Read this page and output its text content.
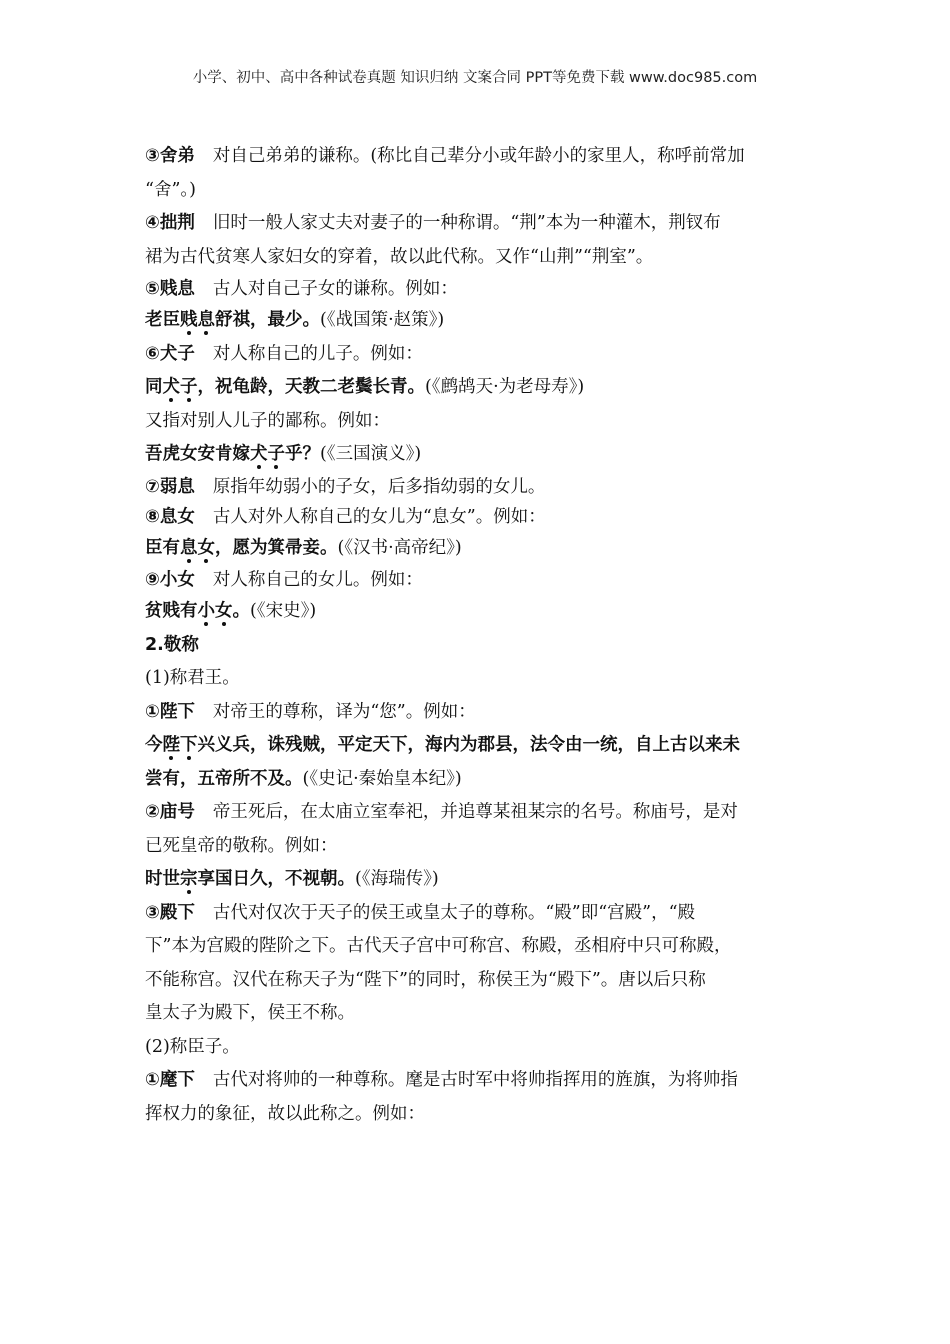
小学、初中、高中各种试卷真题 知识归纳 文案合同 PPT等免费下载 www.doc985.com
③舍弟 对自己弟弟的谦称。(称比自己辈分小或年龄小的家里人，称呼前常加
“舍”。)
④拙荆 旧时一般人家丈夫对妻子的一种称谓。“荆”本为一种灌木，荆钗布
裙为古代贫寒人家妇女的穿着，故以此代称。又作“山荆”“荆室”。
⑤贱息 古人对自己子女的谦称。例如：
老臣贱息舒祺，最少。(《战国策·赵策》)
⑥犬子 对人称自己的儿子。例如：
同犬子，祝龟龄，天教二老鬓长青。(《鹧鸪天·为老母寿》)
又指对别人儿子的鄙称。例如：
吾虎女安肯嫁犬子乎？(《三国演义》)
⑦弱息 原指年幼弱小的子女，后多指幼弱的女儿。
⑧息女 古人对外人称自己的女儿为“息女”。例如：
臣有息女，愿为箕帚妾。(《汉书·高帝纪》)
⑨小女 对人称自己的女儿。例如：
贫贱有小女。(《宋史》)
2.敬称
(1)称君王。
①陛下 对帝王的尊称，译为“您”。例如：
今陛下兴义兵，诛残贼，平定天下，海内为郡县，法令由一统，自上古以来未
尝有，五帝所不及。(《史记·秦始皇本纪》)
②庙号 帝王死后，在太庙立室奉祀，并追尊某祖某宗的名号。称庙号，是对
已死皇帝的敬称。例如：
时世宗享国日久，不视朝。(《海瑞传》)
③殿下 古代对仅次于天子的侯王或皇太子的尊称。“殿”即“宫殿”，“殿
下”本为宫殿的陛阶之下。古代天子宫中可称宫、称殿，丞相府中只可称殿，
不能称宫。汉代在称天子为“陛下”的同时，称侯王为“殿下”。唐以后只称
皇太子为殿下，侯王不称。
(2)称臣子。
①麾下 古代对将帅的一种尊称。麾是古时军中将帅指挥用的旌旗，为将帅指
挥权力的象征，故以此称之。例如：
